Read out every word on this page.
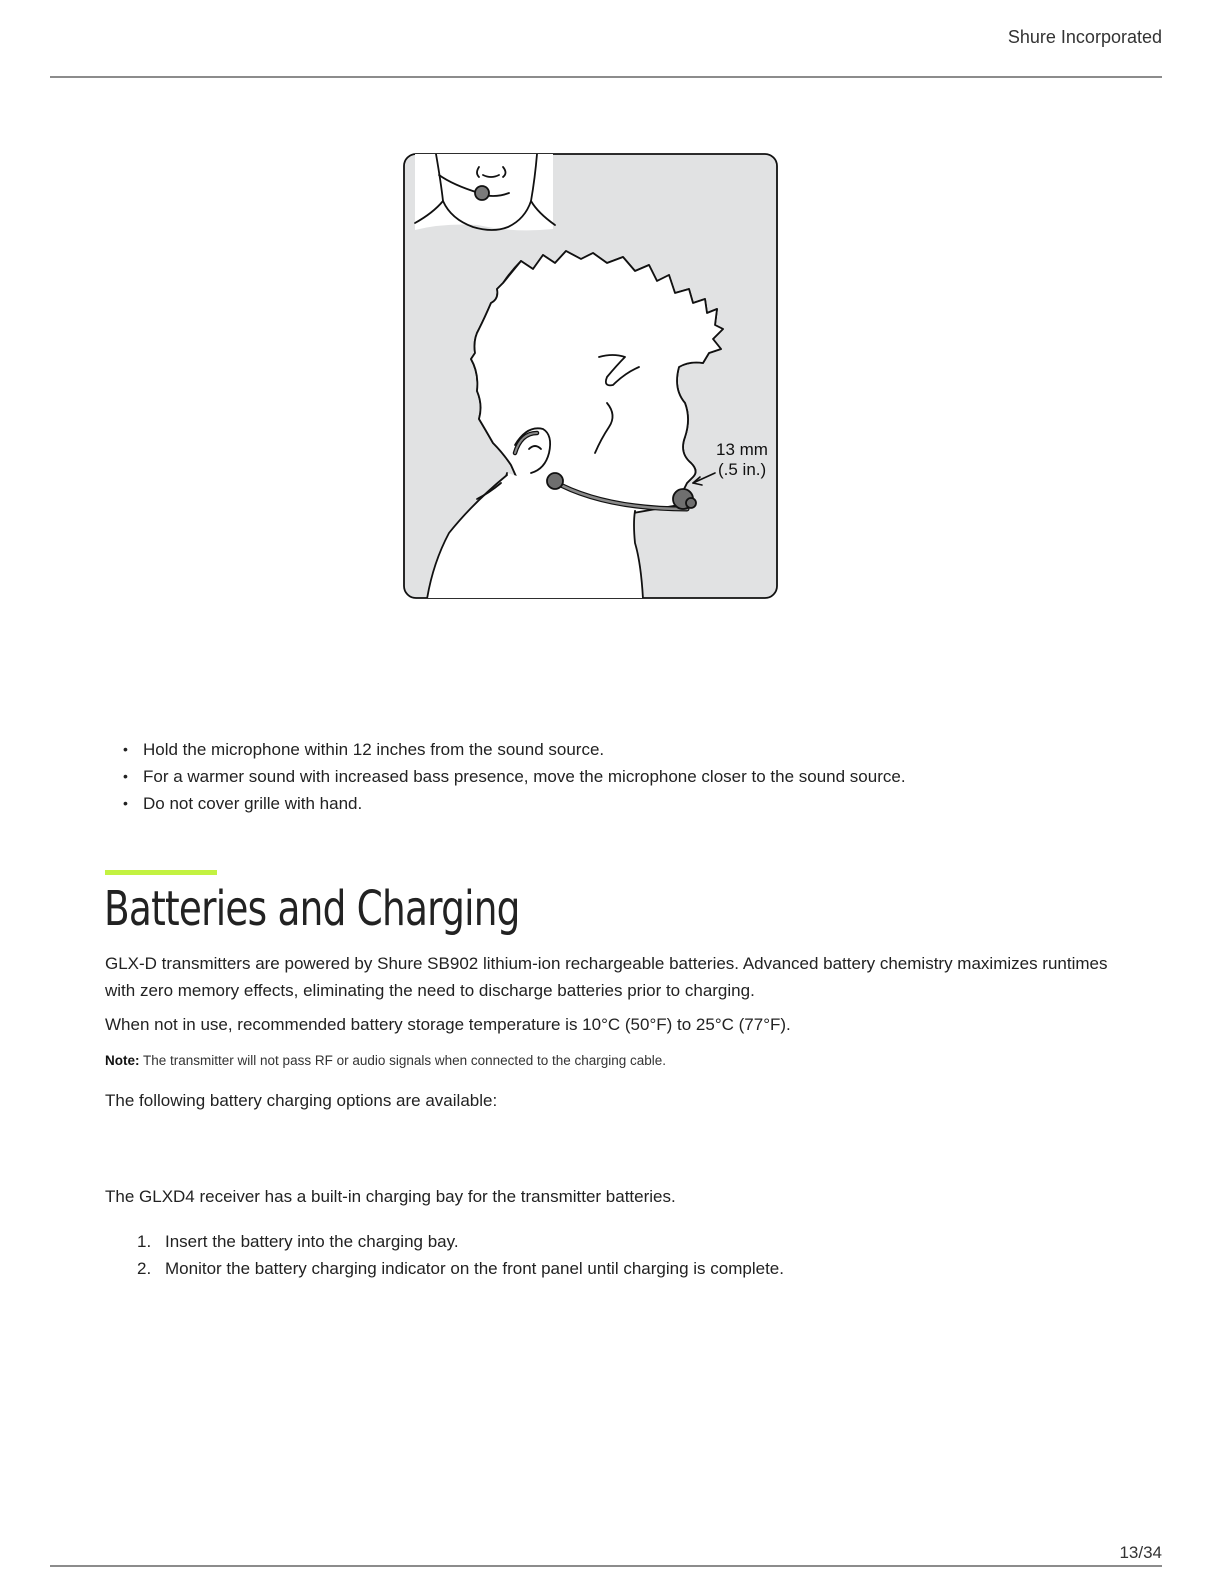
Shure Incorporated
13 mm
(.5 in.)
• Hold the microphone within 12 inches from the sound source.
• For a warmer sound with increased bass presence, move the microphone closer to the sound source.
• Do not cover grille with hand.
Batteries and Charging

GLX-D transmitters are powered by Shure SB902 lithium-ion rechargeable batteries. Advanced battery chemistry maximizes runtimes with zero memory effects, eliminating the need to discharge batteries prior to charging.

When not in use, recommended battery storage temperature is 10°C (50°F) to 25°C (77°F).

Note: The transmitter will not pass RF or audio signals when connected to the charging cable.

The following battery charging options are available:

The GLXD4 receiver has a built-in charging bay for the transmitter batteries.

1. Insert the battery into the charging bay.
2. Monitor the battery charging indicator on the front panel until charging is complete.
13/34
